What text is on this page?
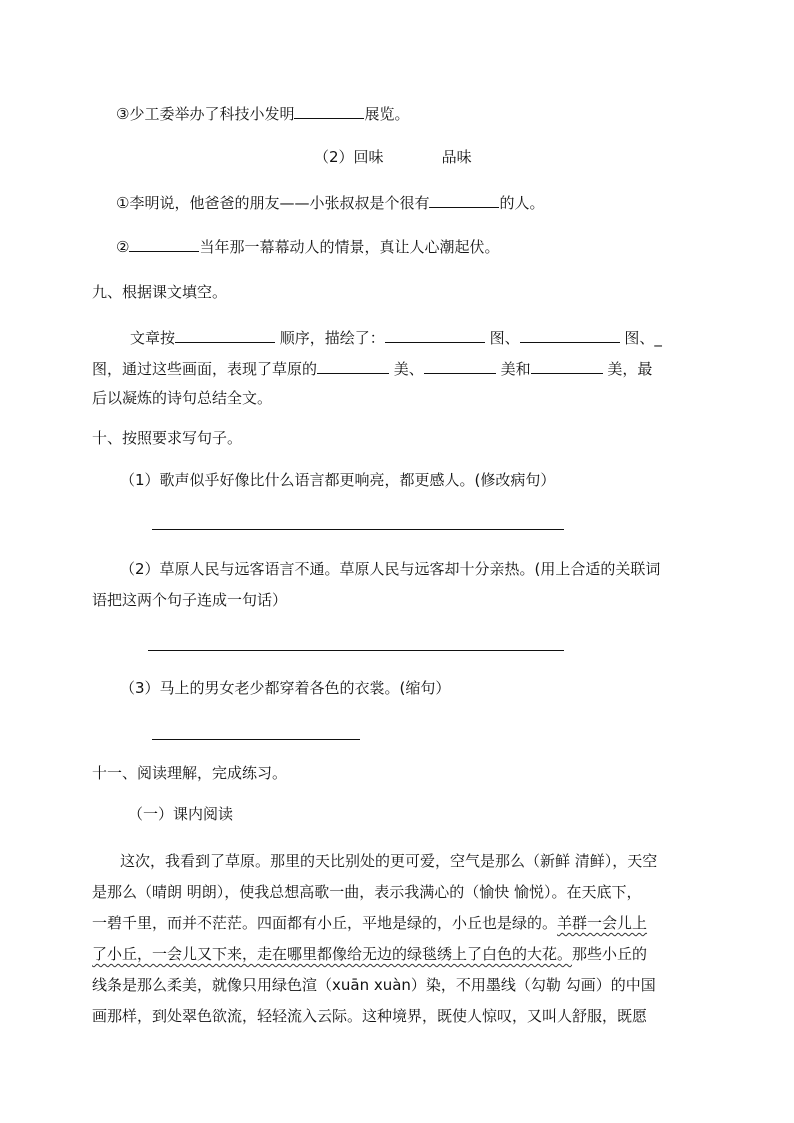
③少工委举办了科技小发明	展览。
（2）回味	品味
①李明说，他爸爸的朋友——小张叔叔是个很有	的人。
②	当年那一幕幕动人的情景，真让人心潮起伏。
九、根据课文填空。
文章按	顺序，描绘了：	图、	图、_
图，通过这些画面，表现了草原的	美、	美和	美，最
后以凝炼的诗句总结全文。
十、按照要求写句子。
（1）歌声似乎好像比什么语言都更响亮，都更感人。(修改病句）
（2）草原人民与远客语言不通。草原人民与远客却十分亲热。(用上合适的关联词
语把这两个句子连成一句话）
（3）马上的男女老少都穿着各色的衣裳。(缩句）
十一、阅读理解，完成练习。
（一）课内阅读
这次，我看到了草原。那里的天比别处的更可爱，空气是那么（新鲜 清鲜），天空
是那么（晴朗 明朗），使我总想高歌一曲，表示我满心的（愉快 愉悦）。在天底下，
一碧千里，而并不茫茫。四面都有小丘，平地是绿的，小丘也是绿的。羊群一会儿上
了小丘，一会儿又下来，走在哪里都像给无边的绿毯绣上了白色的大花。那些小丘的
线条是那么柔美，就像只用绿色渲（xuān xuàn）染，不用墨线（勾勒 勾画）的中国
画那样，到处翠色欲流，轻轻流入云际。这种境界，既使人惊叹，又叫人舒服，既愿
